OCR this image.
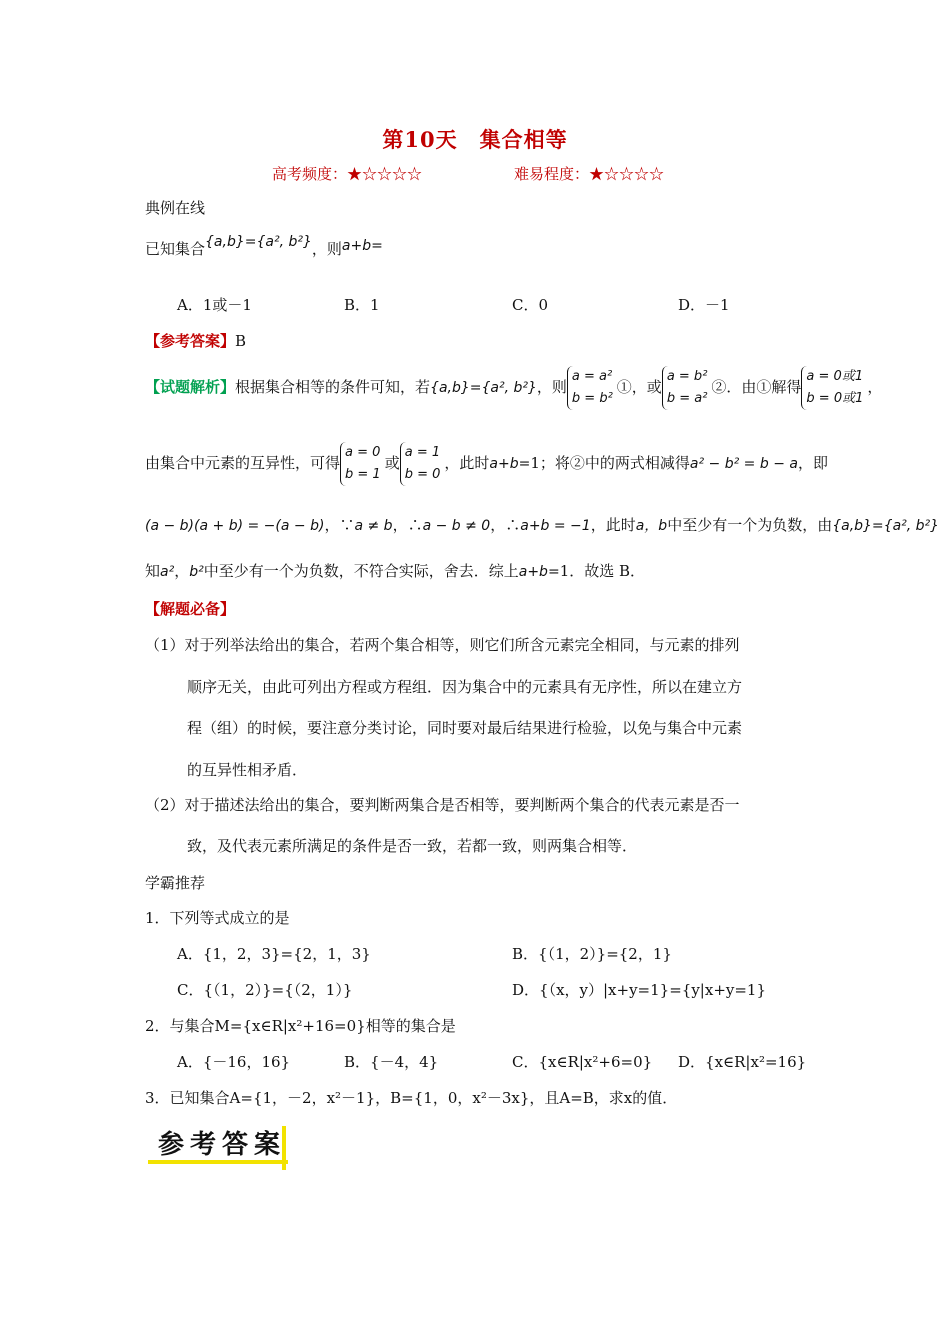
第10天　集合相等
高考频度：★☆☆☆☆	难易程度：★☆☆☆☆
典例在线
已知集合{a,b}={a², b²}，则a+b=
A．1或－1	B．1	C．0	D．－1
【参考答案】B
【试题解析】根据集合相等的条件可知，若{a,b}={a², b²}，则
a = a²
b = b²
①，或
a = b²
b = a²
②．由①解得
a = 0或1
b = 0或1
，
由集合中元素的互异性，可得
a = 0
b = 1
或
a = 1
b = 0
，此时a+b=1；将②中的两式相减得a² − b² = b − a，即
(a − b)(a + b) = −(a − b)，∵a ≠ b，∴a − b ≠ 0，∴a+b = −1，此时a，b中至少有一个为负数，由{a,b}={a², b²}
知a²，b²中至少有一个为负数，不符合实际，舍去．综上a+b=1．故选 B．
【解题必备】
（1）对于列举法给出的集合，若两个集合相等，则它们所含元素完全相同，与元素的排列
顺序无关，由此可列出方程或方程组．因为集合中的元素具有无序性，所以在建立方
程（组）的时候，要注意分类讨论，同时要对最后结果进行检验，以免与集合中元素
的互异性相矛盾．
（2）对于描述法给出的集合，要判断两集合是否相等，要判断两个集合的代表元素是否一
致，及代表元素所满足的条件是否一致，若都一致，则两集合相等．
学霸推荐
1．下列等式成立的是
A．{1，2，3}={2，1，3}	B．{（1，2）}={2，1}
C．{（1，2）}={（2，1）}	D．{（x，y）|x+y=1}={y|x+y=1}
2．与集合M={x∈R|x²+16=0}相等的集合是
A．{－16，16}	B．{－4，4}	C．{x∈R|x²+6=0} D．{x∈R|x²=16}
3．已知集合A={1，－2，x²－1}，B={1，0，x²－3x}，且A=B，求x的值．
参考答案
